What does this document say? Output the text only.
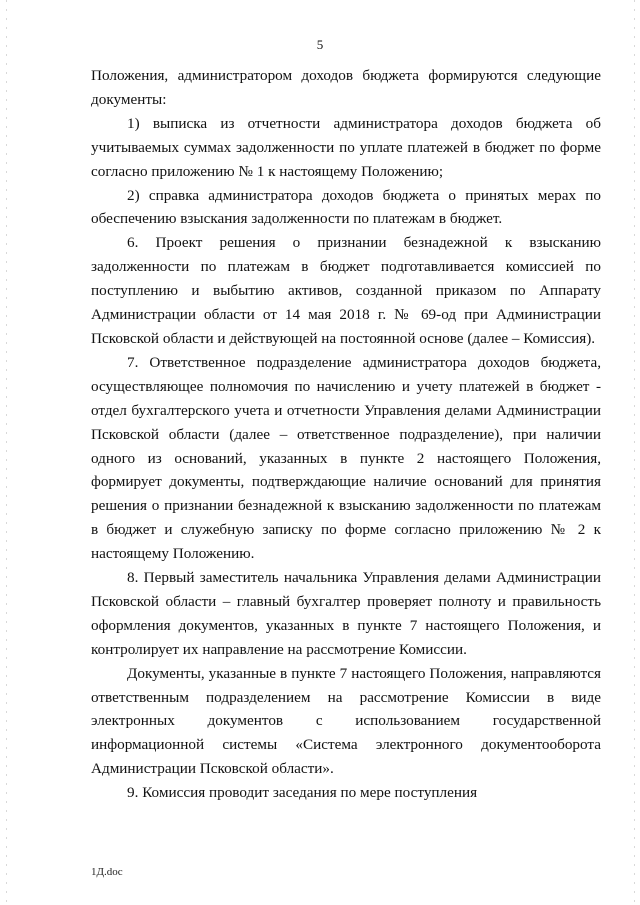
5

Положения, администратором доходов бюджета формируются следующие документы:

1) выписка из отчетности администратора доходов бюджета об учитываемых суммах задолженности по уплате платежей в бюджет по форме согласно приложению № 1 к настоящему Положению;

2) справка администратора доходов бюджета о принятых мерах по обеспечению взыскания задолженности по платежам в бюджет.

6. Проект решения о признании безнадежной к взысканию задолженности по платежам в бюджет подготавливается комиссией по поступлению и выбытию активов, созданной приказом по Аппарату Администрации области от 14 мая 2018 г. № 69-од при Администрации Псковской области и действующей на постоянной основе (далее – Комиссия).

7. Ответственное подразделение администратора доходов бюджета, осуществляющее полномочия по начислению и учету платежей в бюджет - отдел бухгалтерского учета и отчетности Управления делами Администрации Псковской области (далее – ответственное подразделение), при наличии одного из оснований, указанных в пункте 2 настоящего Положения, формирует документы, подтверждающие наличие оснований для принятия решения о признании безнадежной к взысканию задолженности по платежам в бюджет и служебную записку по форме согласно приложению № 2 к настоящему Положению.

8. Первый заместитель начальника Управления делами Администрации Псковской области – главный бухгалтер проверяет полноту и правильность оформления документов, указанных в пункте 7 настоящего Положения, и контролирует их направление на рассмотрение Комиссии.

Документы, указанные в пункте 7 настоящего Положения, направляются ответственным подразделением на рассмотрение Комиссии в виде электронных документов с использованием государственной информационной системы «Система электронного документооборота Администрации Псковской области».

9. Комиссия проводит заседания по мере поступления

1Д.doc
